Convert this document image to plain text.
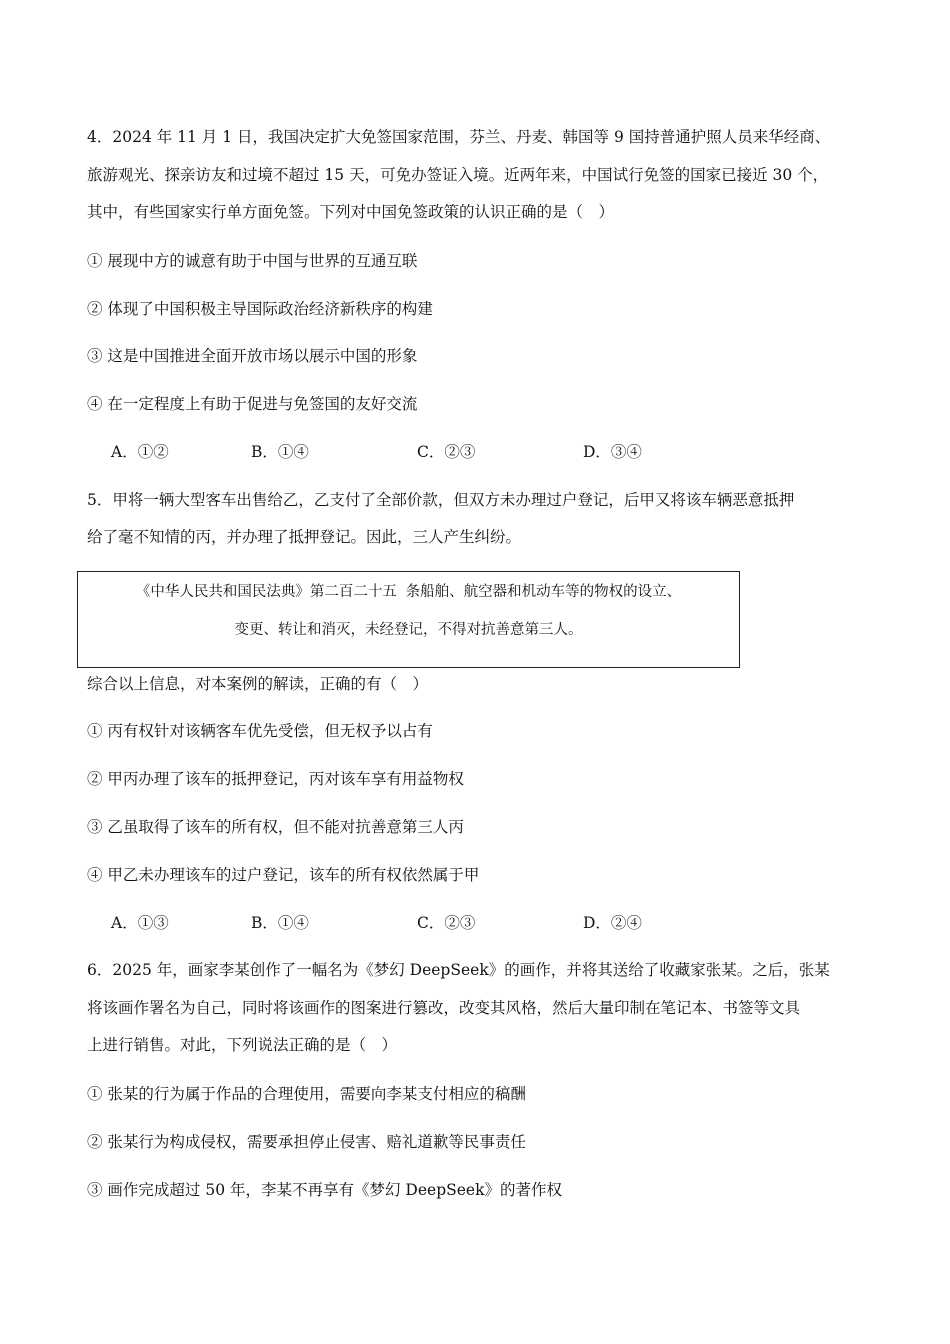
4．2024 年 11 月 1 日，我国决定扩大免签国家范围，芬兰、丹麦、韩国等 9 国持普通护照人员来华经商、
旅游观光、探亲访友和过境不超过 15 天，可免办签证入境。近两年来，中国试行免签的国家已接近 30 个，
其中，有些国家实行单方面免签。下列对中国免签政策的认识正确的是（　）
① 展现中方的诚意有助于中国与世界的互通互联
② 体现了中国积极主导国际政治经济新秩序的构建
③ 这是中国推进全面开放市场以展示中国的形象
④ 在一定程度上有助于促进与免签国的友好交流
A．①②	B．①④	C．②③	D．③④
5．甲将一辆大型客车出售给乙，乙支付了全部价款，但双方未办理过户登记，后甲又将该车辆恶意抵押
给了毫不知情的丙，并办理了抵押登记。因此，三人产生纠纷。
《中华人民共和国民法典》第二百二十五 条船舶、航空器和机动车等的物权的设立、
变更、转让和消灭，未经登记，不得对抗善意第三人。
综合以上信息，对本案例的解读，正确的有（　）
① 丙有权针对该辆客车优先受偿，但无权予以占有
② 甲丙办理了该车的抵押登记，丙对该车享有用益物权
③ 乙虽取得了该车的所有权，但不能对抗善意第三人丙
④ 甲乙未办理该车的过户登记，该车的所有权依然属于甲
A．①③	B．①④	C．②③	D．②④
6．2025 年，画家李某创作了一幅名为《梦幻 DeepSeek》的画作，并将其送给了收藏家张某。之后，张某
将该画作署名为自己，同时将该画作的图案进行篡改，改变其风格，然后大量印制在笔记本、书签等文具
上进行销售。对此，下列说法正确的是（　）
① 张某的行为属于作品的合理使用，需要向李某支付相应的稿酬
② 张某行为构成侵权，需要承担停止侵害、赔礼道歉等民事责任
③ 画作完成超过 50 年，李某不再享有《梦幻 DeepSeek》的著作权
